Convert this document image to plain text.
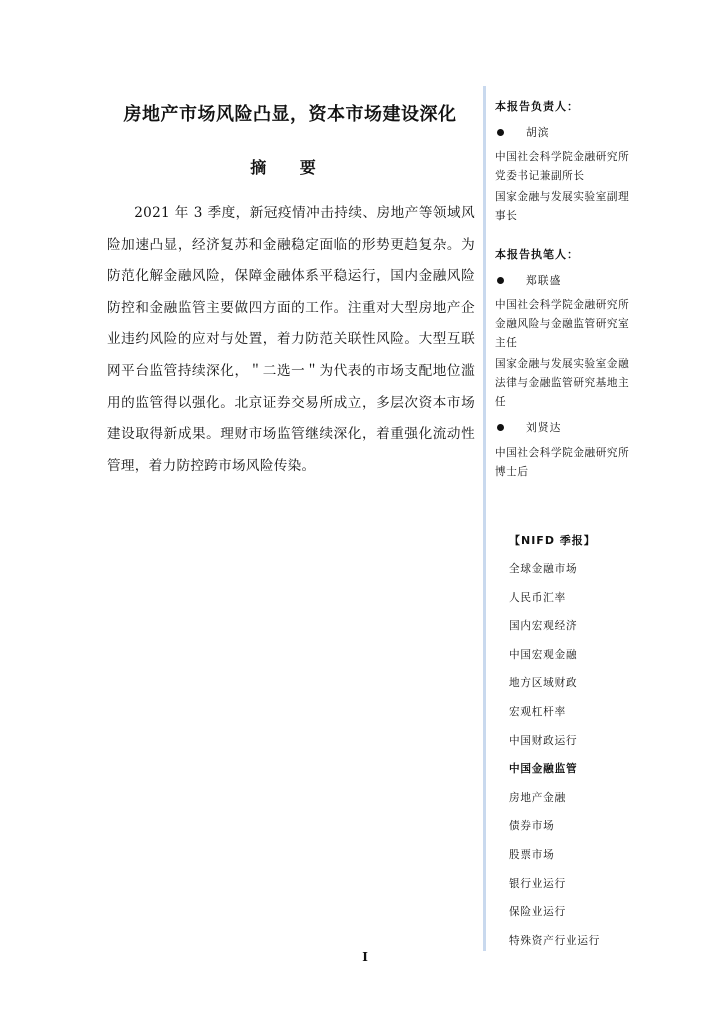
房地产市场风险凸显，资本市场建设深化
摘 要
2021 年 3 季度，新冠疫情冲击持续、房地产等领域风险加速凸显，经济复苏和金融稳定面临的形势更趋复杂。为防范化解金融风险，保障金融体系平稳运行，国内金融风险防控和金融监管主要做四方面的工作。注重对大型房地产企业违约风险的应对与处置，着力防范关联性风险。大型互联网平台监管持续深化，＂二选一＂为代表的市场支配地位滥用的监管得以强化。北京证券交易所成立，多层次资本市场建设取得新成果。理财市场监管继续深化，着重强化流动性管理，着力防控跨市场风险传染。
本报告负责人：
胡滨
中国社会科学院金融研究所党委书记兼副所长
国家金融与发展实验室副理事长
本报告执笔人：
郑联盛
中国社会科学院金融研究所金融风险与金融监管研究室主任
国家金融与发展实验室金融法律与金融监管研究基地主任
刘贤达
中国社会科学院金融研究所博士后
【NIFD 季报】
全球金融市场
人民币汇率
国内宏观经济
中国宏观金融
地方区域财政
宏观杠杆率
中国财政运行
中国金融监管
房地产金融
债券市场
股票市场
银行业运行
保险业运行
特殊资产行业运行
I
